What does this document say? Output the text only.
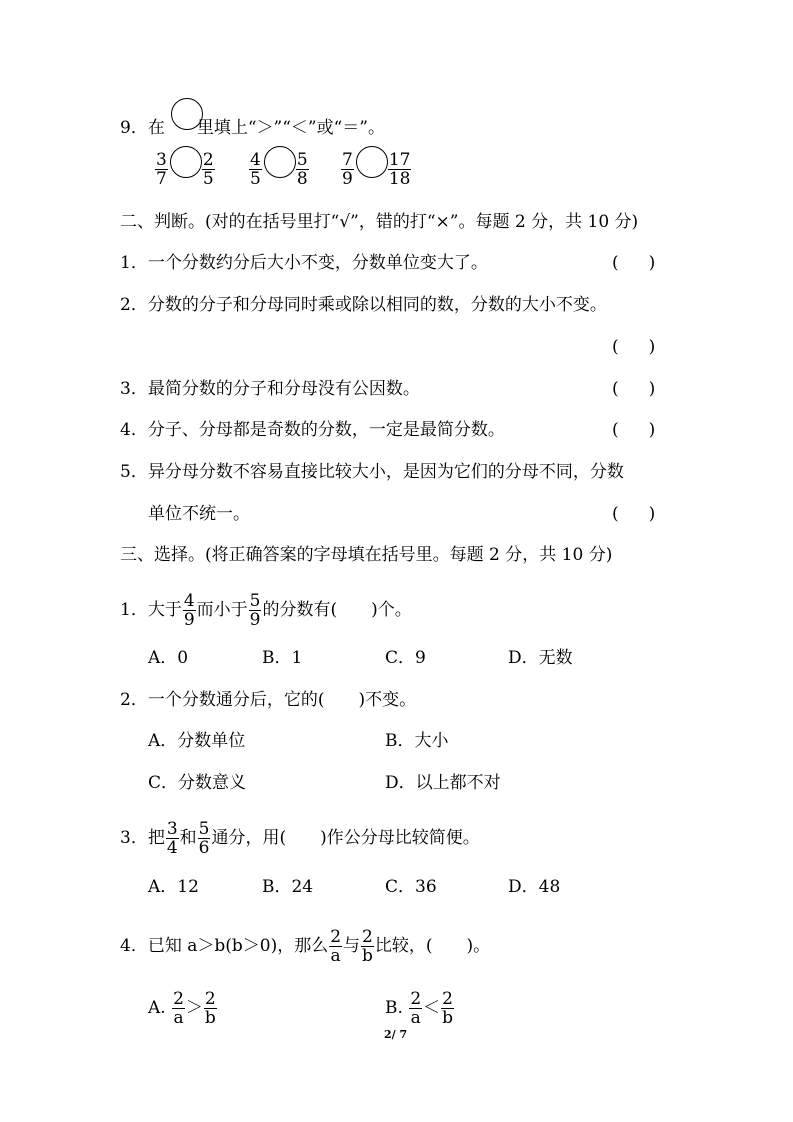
9．在 里填上“＞”“＜”或“＝”。
$\frac{3}{7} \frac{2}{5} \frac{4}{5} \frac{5}{8} \frac{7}{9} \frac{17}{18}$
二、判断。(对的在括号里打“√”，错的打“×”。每题 2 分，共 10 分)
1．一个分数约分后大小不变，分数单位变大了。	( )
2．分数的分子和分母同时乘或除以相同的数，分数的大小不变。
( )
3．最简分数的分子和分母没有公因数。	( )
4．分子、分母都是奇数的分数，一定是最简分数。	( )
5．异分母分数不容易直接比较大小，是因为它们的分母不同，分数
单位不统一。	( )
三、选择。(将正确答案的字母填在括号里。每题 2 分，共 10 分)
1．大于 $\frac{4}{9}$ 而小于 $\frac{5}{9}$ 的分数有(　　)个。
A．0	B．1	C．9	D．无数
2．一个分数通分后，它的(　　)不变。
A．分数单位	B．大小
C．分数意义	D．以上都不对
3．把 $\frac{3}{4}$ 和 $\frac{5}{6}$ 通分，用(　　)作公分母比较简便。
A．12	B．24	C．36	D．48
4．已知 a＞b(b＞0)，那么 $\frac{2}{a}$ 与 $\frac{2}{b}$ 比较，(　　)。
A. $\frac{2}{a} > \frac{2}{b}$	B. $\frac{2}{a} < \frac{2}{b}$
2/ 7
